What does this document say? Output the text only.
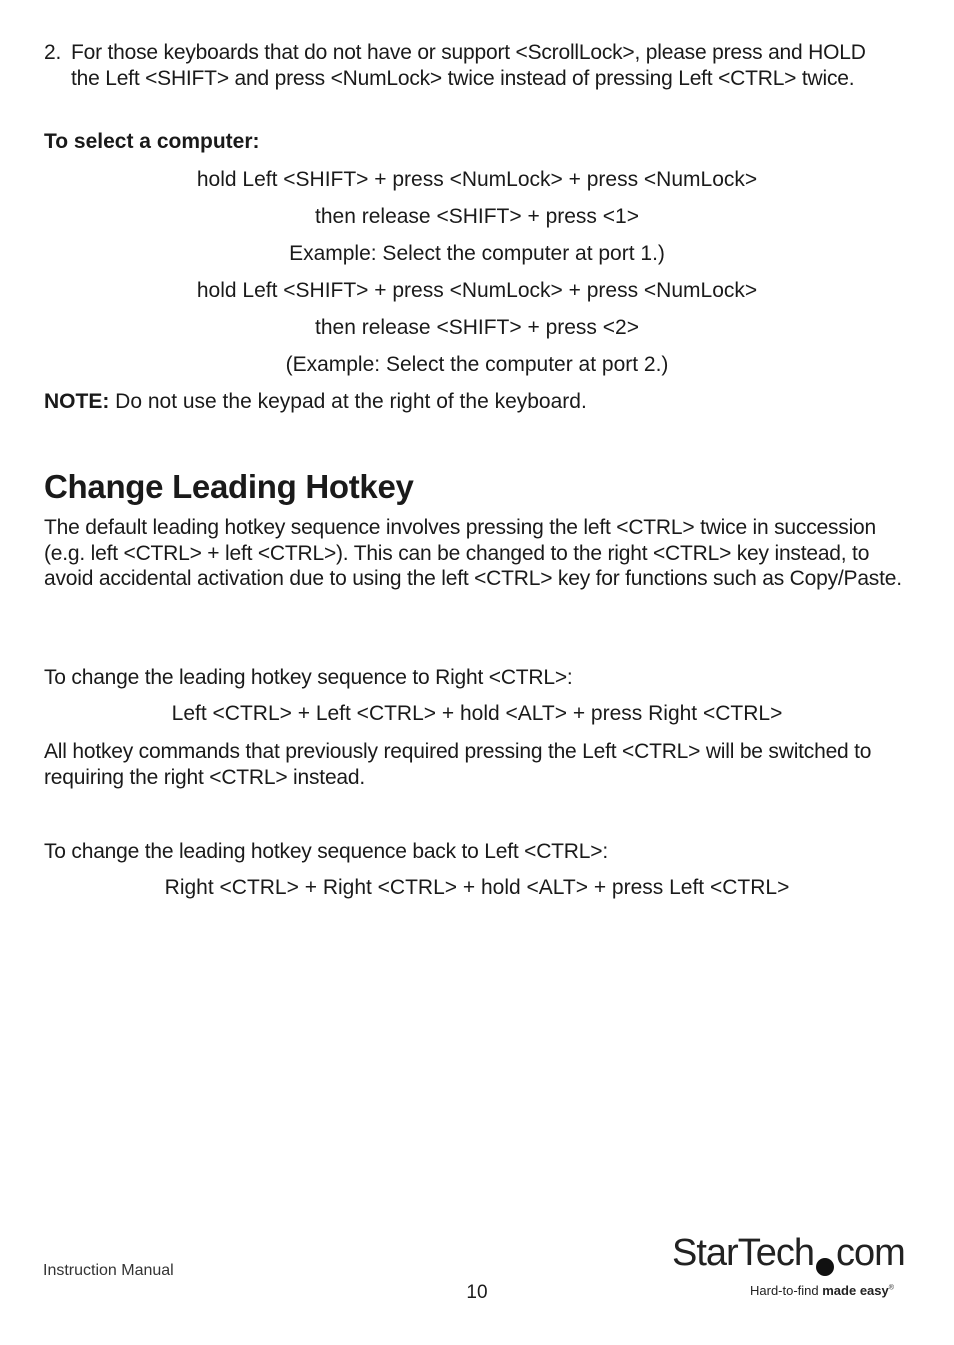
2. For those keyboards that do not have or support <ScrollLock>, please press and HOLD the Left <SHIFT> and press <NumLock> twice instead of pressing Left <CTRL> twice.
To select a computer:
hold Left <SHIFT> + press <NumLock> + press <NumLock>
then release <SHIFT> + press <1>
Example: Select the computer at port 1.)
hold Left <SHIFT> + press <NumLock> + press <NumLock>
then release <SHIFT> + press <2>
(Example: Select the computer at port 2.)
NOTE: Do not use the keypad at the right of the keyboard.
Change Leading Hotkey
The default leading hotkey sequence involves pressing the left <CTRL> twice in succession (e.g. left <CTRL> + left <CTRL>). This can be changed to the right <CTRL> key instead, to avoid accidental activation due to using the left <CTRL> key for functions such as Copy/Paste.
To change the leading hotkey sequence to Right <CTRL>:
Left <CTRL> + Left <CTRL> + hold <ALT> + press Right <CTRL>
All hotkey commands that previously required pressing the Left <CTRL> will be switched to requiring the right <CTRL> instead.
To change the leading hotkey sequence back to Left <CTRL>:
Right <CTRL> + Right <CTRL> + hold <ALT> + press Left <CTRL>
Instruction Manual
10
StarTech com
Hard-to-find made easy®
